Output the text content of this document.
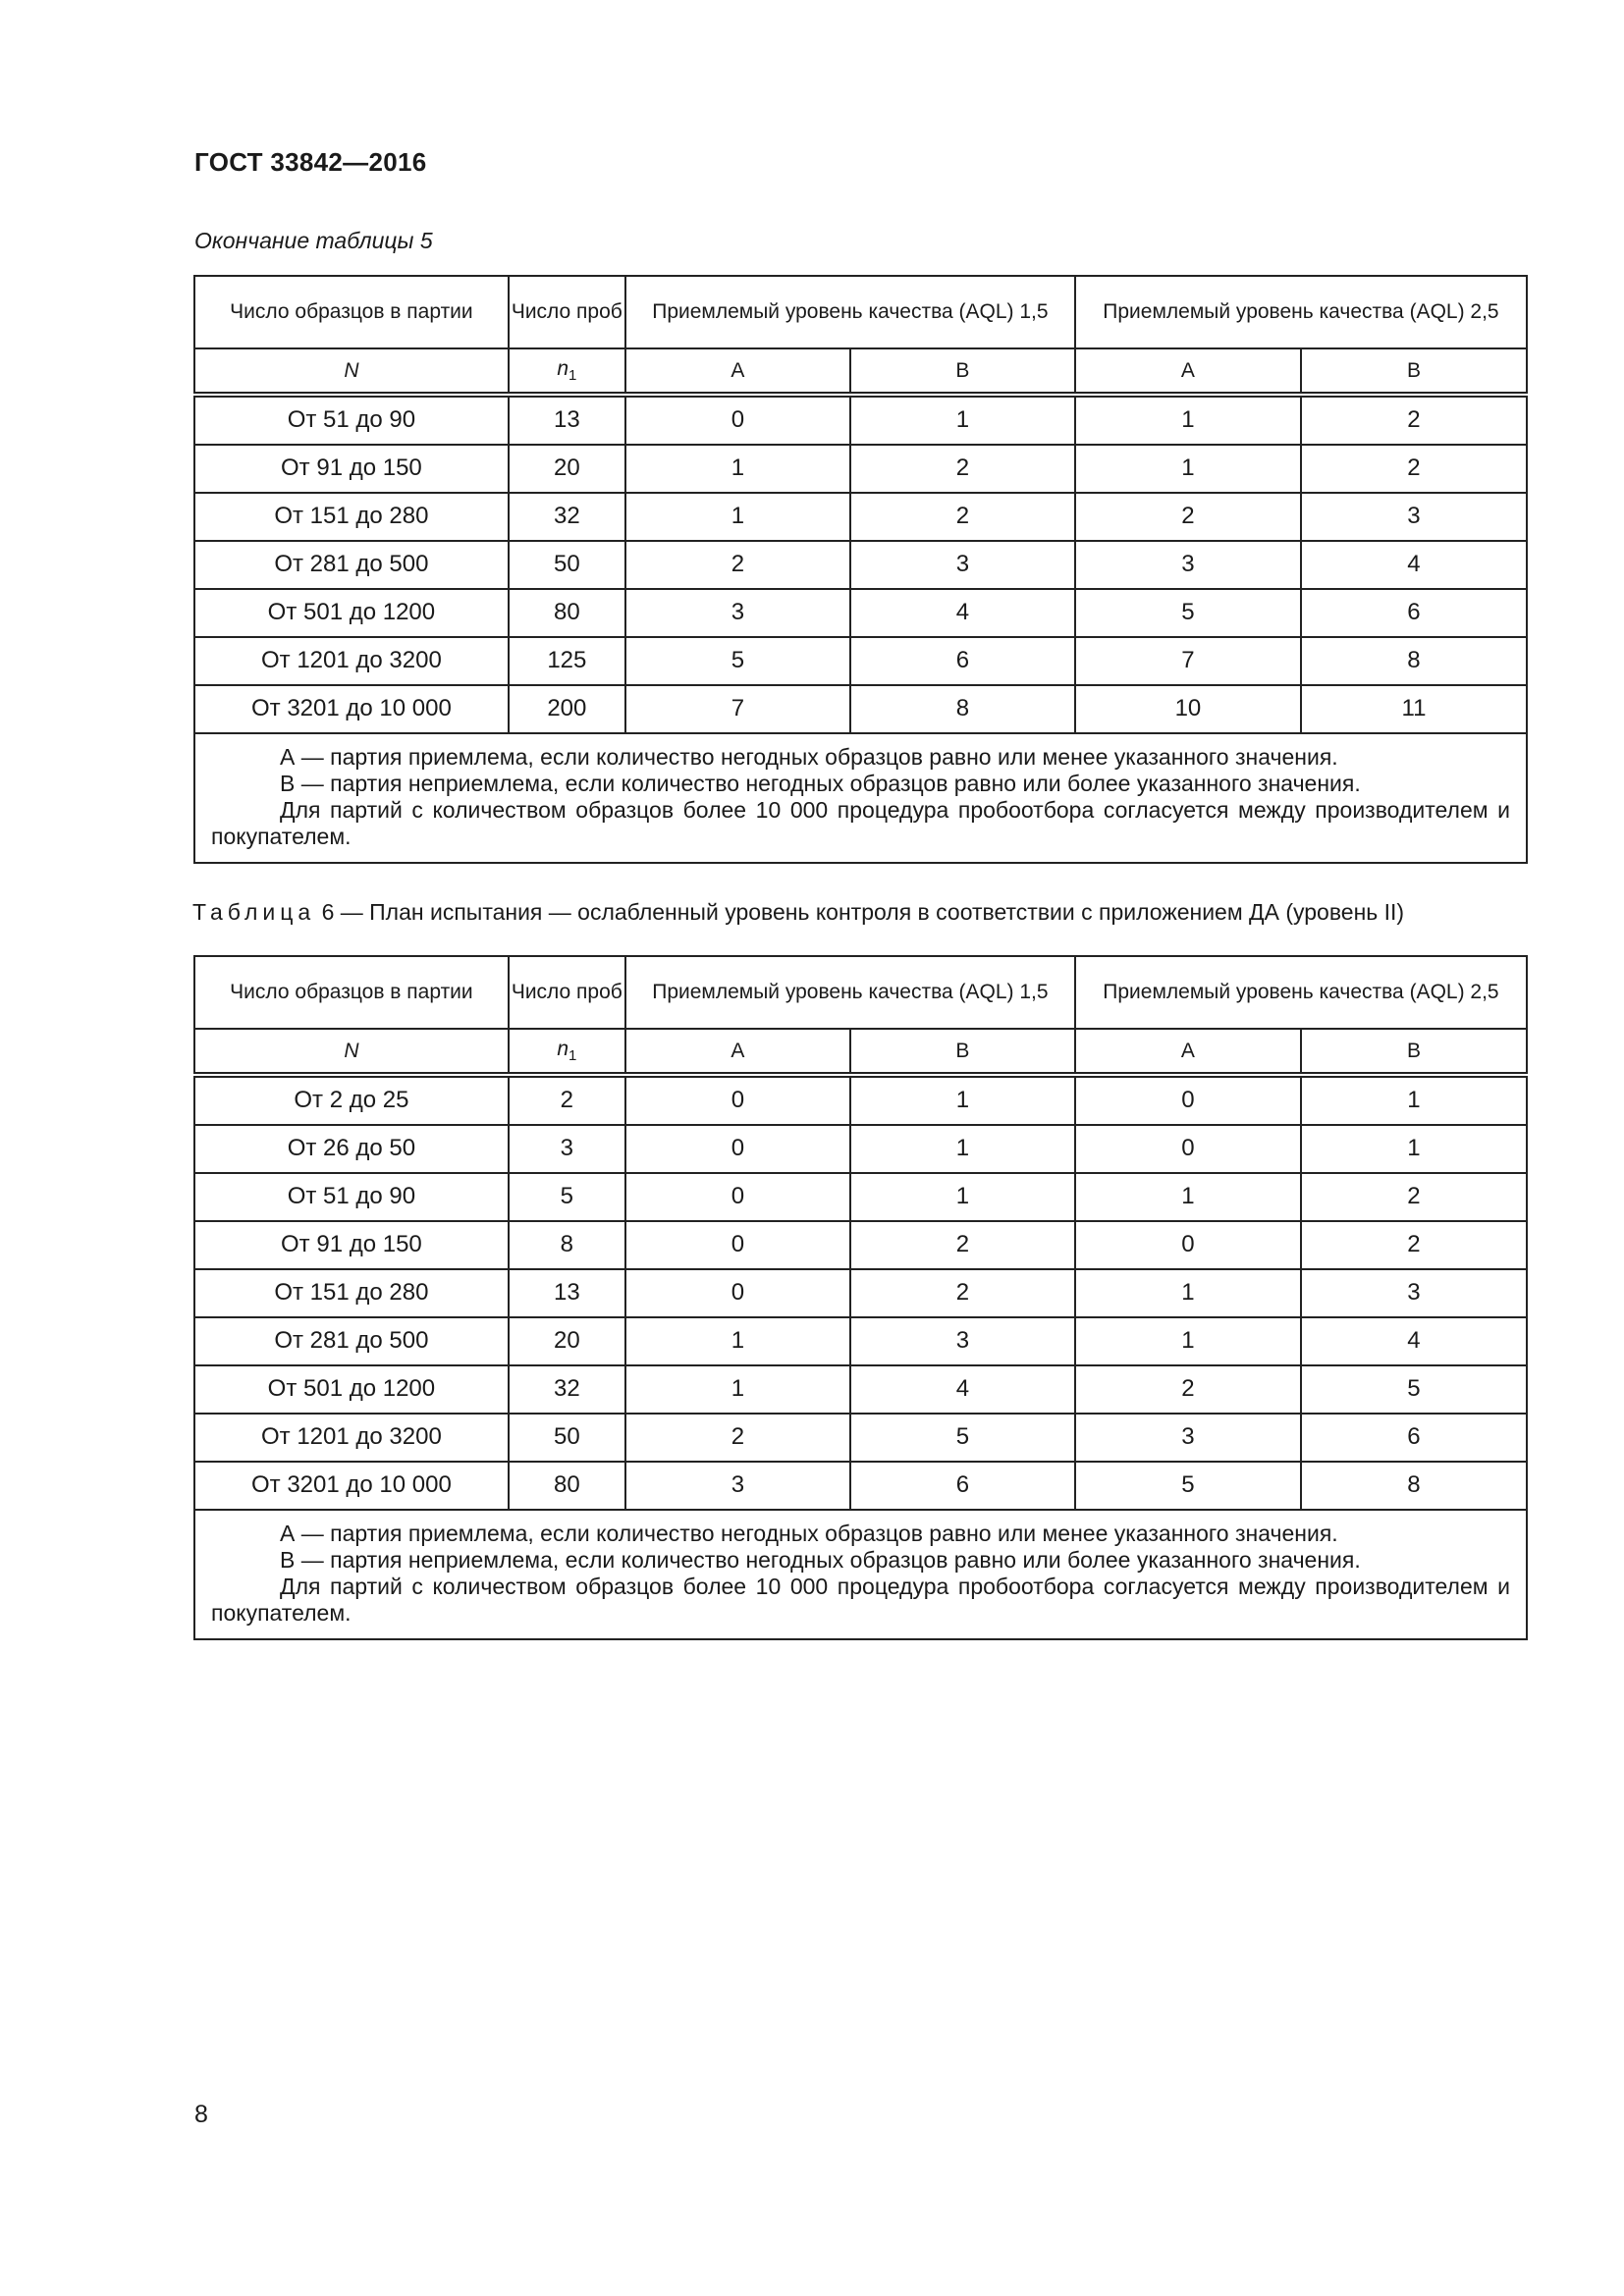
ГОСТ 33842—2016
Окончание таблицы 5
Число образцов в партии	Число проб	Приемлемый уровень качества (AQL) 1,5		Приемлемый уровень качества (AQL) 2,5	
N	$n_1$	A	B	A	B
От 51 до 90	13	0	1	1	2
От 91 до 150	20	1	2	1	2
От 151 до 280	32	1	2	2	3
От 281 до 500	50	2	3	3	4
От 501 до 1200	80	3	4	5	6
От 1201 до 3200	125	5	6	7	8
От 3201 до 10 000	200	7	8	10	11

А — партия приемлема, если количество негодных образцов равно или менее указанного значения.
В — партия неприемлема, если количество негодных образцов равно или более указанного значения.
Для партий с количеством образцов более 10 000 процедура пробоотбора согласуется между производителем и покупателем.					
Таблица 6 — План испытания — ослабленный уровень контроля в соответствии с приложением ДА (уровень II)
Число образцов в партии	Число проб	Приемлемый уровень качества (AQL) 1,5		Приемлемый уровень качества (AQL) 2,5	
N	$n_1$	A	B	A	B
От 2 до 25	2	0	1	0	1
От 26 до 50	3	0	1	0	1
От 51 до 90	5	0	1	1	2
От 91 до 150	8	0	2	0	2
От 151 до 280	13	0	2	1	3
От 281 до 500	20	1	3	1	4
От 501 до 1200	32	1	4	2	5
От 1201 до 3200	50	2	5	3	6
От 3201 до 10 000	80	3	6	5	8

А — партия приемлема, если количество негодных образцов равно или менее указанного значения.
В — партия неприемлема, если количество негодных образцов равно или более указанного значения.
Для партий с количеством образцов более 10 000 процедура пробоотбора согласуется между производителем и покупателем.					
8
